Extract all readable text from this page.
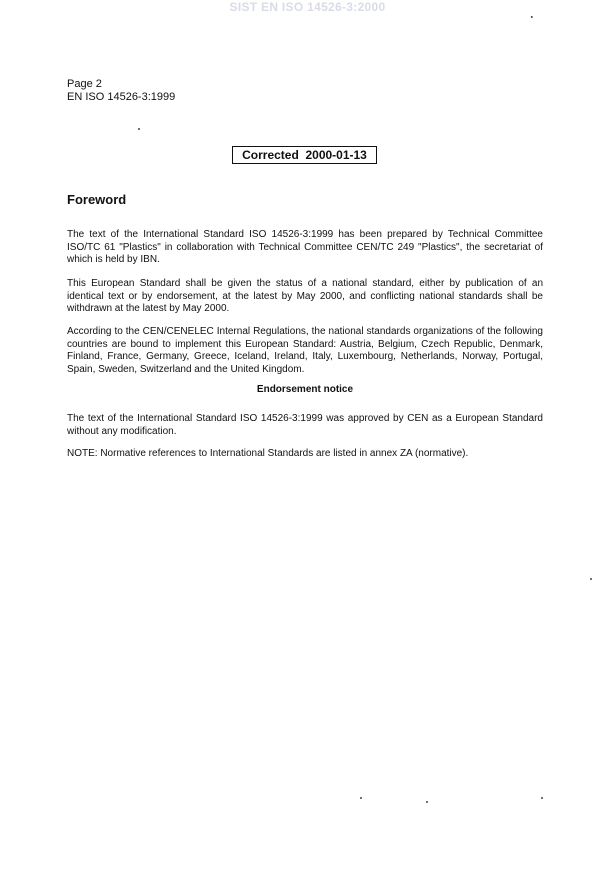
SIST EN ISO 14526-3:2000
Page 2
EN ISO 14526-3:1999
Corrected  2000-01-13
Foreword

The text of the International Standard ISO 14526-3:1999 has been prepared by Technical Committee ISO/TC 61 "Plastics" in collaboration with Technical Committee CEN/TC 249 "Plastics", the secretariat of which is held by IBN.

This European Standard shall be given the status of a national standard, either by publication of an identical text or by endorsement, at the latest by May 2000, and conflicting national standards shall be withdrawn at the latest by May 2000.

According to the CEN/CENELEC Internal Regulations, the national standards organizations of the following countries are bound to implement this European Standard: Austria, Belgium, Czech Republic, Denmark, Finland, France, Germany, Greece, Iceland, Ireland, Italy, Luxembourg, Netherlands, Norway, Portugal, Spain, Sweden, Switzerland and the United Kingdom.

Endorsement notice

The text of the International Standard ISO 14526-3:1999 was approved by CEN as a European Standard without any modification.

NOTE: Normative references to International Standards are listed in annex ZA (normative).
